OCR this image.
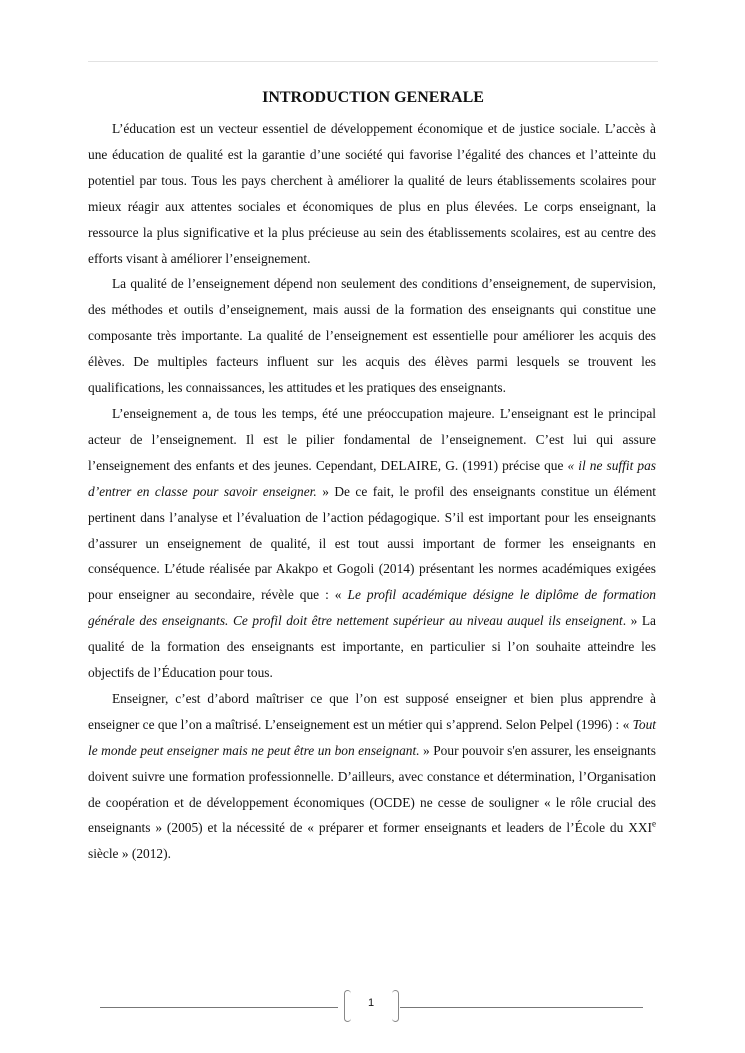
INTRODUCTION GENERALE

L’éducation est un vecteur essentiel de développement économique et de justice sociale. L’accès à une éducation de qualité est la garantie d’une société qui favorise l’égalité des chances et l’atteinte du potentiel par tous. Tous les pays cherchent à améliorer la qualité de leurs établissements scolaires pour mieux réagir aux attentes sociales et économiques de plus en plus élevées. Le corps enseignant, la ressource la plus significative et la plus précieuse au sein des établissements scolaires, est au centre des efforts visant à améliorer l’enseignement.

La qualité de l’enseignement dépend non seulement des conditions d’enseignement, de supervision, des méthodes et outils d’enseignement, mais aussi de la formation des enseignants qui constitue une composante très importante. La qualité de l’enseignement est essentielle pour améliorer les acquis des élèves. De multiples facteurs influent sur les acquis des élèves parmi lesquels se trouvent les qualifications, les connaissances, les attitudes et les pratiques des enseignants.

L’enseignement a, de tous les temps, été une préoccupation majeure. L’enseignant est le principal acteur de l’enseignement. Il est le pilier fondamental de l’enseignement. C’est lui qui assure l’enseignement des enfants et des jeunes. Cependant, DELAIRE, G. (1991) précise que « il ne suffit pas d’entrer en classe pour savoir enseigner. » De ce fait, le profil des enseignants constitue un élément pertinent dans l’analyse et l’évaluation de l’action pédagogique. S’il est important pour les enseignants d’assurer un enseignement de qualité, il est tout aussi important de former les enseignants en conséquence. L’étude réalisée par Akakpo et Gogoli (2014) présentant les normes académiques exigées pour enseigner au secondaire, révèle que : « Le profil académique désigne le diplôme de formation générale des enseignants. Ce profil doit être nettement supérieur au niveau auquel ils enseignent. » La qualité de la formation des enseignants est importante, en particulier si l’on souhaite atteindre les objectifs de l’Éducation pour tous.

Enseigner, c’est d’abord maîtriser ce que l’on est supposé enseigner et bien plus apprendre à enseigner ce que l’on a maîtrisé. L’enseignement est un métier qui s’apprend. Selon Pelpel (1996) : « Tout le monde peut enseigner mais ne peut être un bon enseignant. » Pour pouvoir s'en assurer, les enseignants doivent suivre une formation professionnelle. D’ailleurs, avec constance et détermination, l’Organisation de coopération et de développement économiques (OCDE) ne cesse de souligner « le rôle crucial des enseignants » (2005) et la nécessité de « préparer et former enseignants et leaders de l’École du XXIe siècle » (2012).

1
